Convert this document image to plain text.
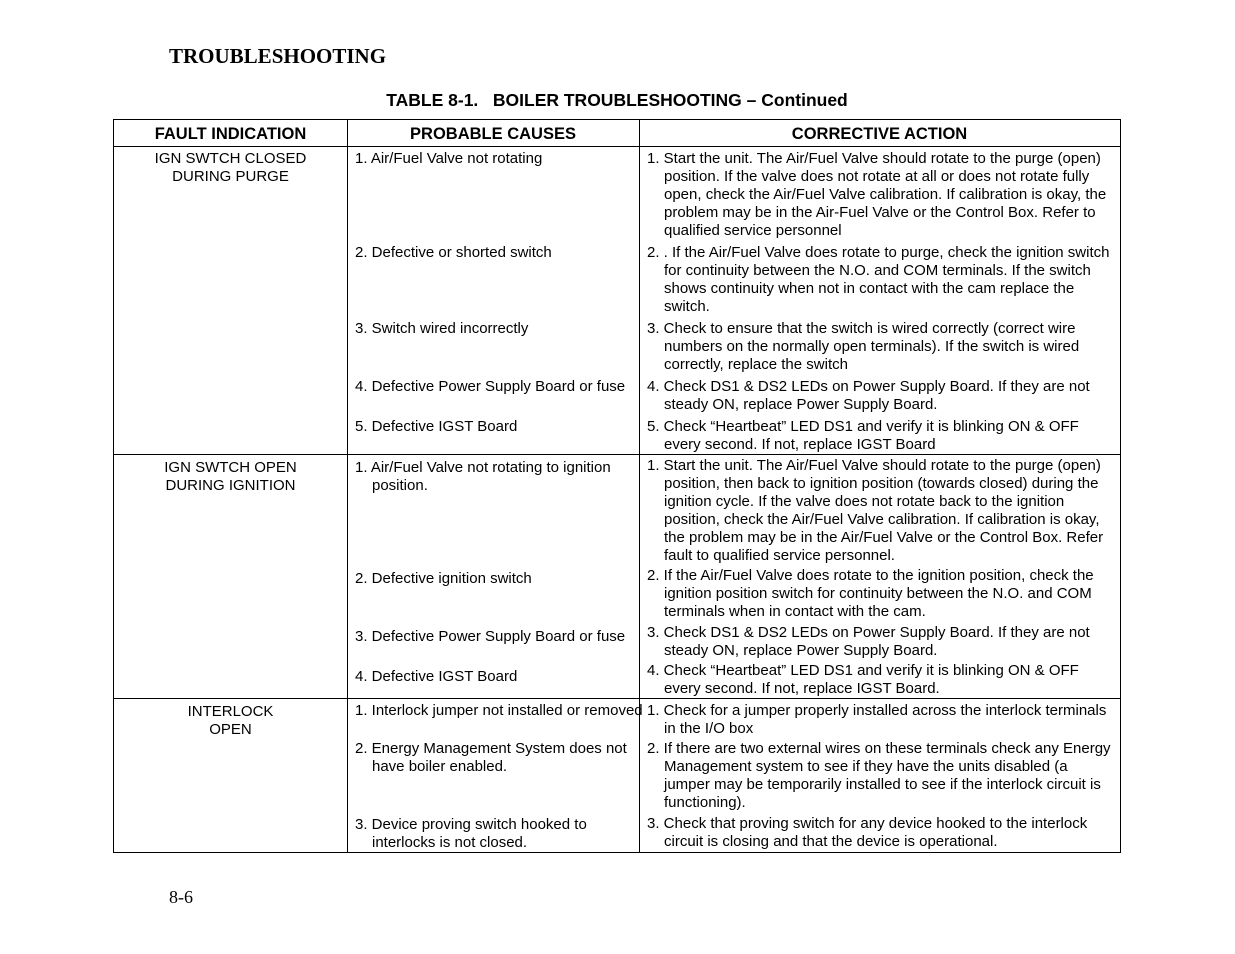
TROUBLESHOOTING
TABLE 8-1. BOILER TROUBLESHOOTING – Continued
FAULT INDICATION	PROBABLE CAUSES	CORRECTIVE ACTION
IGN SWTCH CLOSED
DURING PURGE
1. Air/Fuel Valve not rotating
2. Defective or shorted switch
3. Switch wired incorrectly
4. Defective Power Supply Board or fuse
5. Defective IGST Board
1. Start the unit. The Air/Fuel Valve should rotate to the purge (open) position. If the valve does not rotate at all or does not rotate fully open, check the Air/Fuel Valve calibration. If calibration is okay, the problem may be in the Air-Fuel Valve or the Control Box. Refer to qualified service personnel
2. . If the Air/Fuel Valve does rotate to purge, check the ignition switch for continuity between the N.O. and COM terminals. If the switch shows continuity when not in contact with the cam replace the switch.
3. Check to ensure that the switch is wired correctly (correct wire numbers on the normally open terminals). If the switch is wired correctly, replace the switch
4. Check DS1 & DS2 LEDs on Power Supply Board. If they are not steady ON, replace Power Supply Board.
5. Check “Heartbeat” LED DS1 and verify it is blinking ON & OFF every second. If not, replace IGST Board
IGN SWTCH OPEN
DURING IGNITION
1. Air/Fuel Valve not rotating to ignition position.
2. Defective ignition switch
3. Defective Power Supply Board or fuse
4. Defective IGST Board
1. Start the unit. The Air/Fuel Valve should rotate to the purge (open) position, then back to ignition position (towards closed) during the ignition cycle. If the valve does not rotate back to the ignition position, check the Air/Fuel Valve calibration. If calibration is okay, the problem may be in the Air/Fuel Valve or the Control Box. Refer fault to qualified service personnel.
2. If the Air/Fuel Valve does rotate to the ignition position, check the ignition position switch for continuity between the N.O. and COM terminals when in contact with the cam.
3. Check DS1 & DS2 LEDs on Power Supply Board. If they are not steady ON, replace Power Supply Board.
4. Check “Heartbeat” LED DS1 and verify it is blinking ON & OFF every second. If not, replace IGST Board.
INTERLOCK
OPEN
1. Interlock jumper not installed or removed
2. Energy Management System does not have boiler enabled.
3. Device proving switch hooked to interlocks is not closed.
1. Check for a jumper properly installed across the interlock terminals in the I/O box
2. If there are two external wires on these terminals check any Energy Management system to see if they have the units disabled (a jumper may be temporarily installed to see if the interlock circuit is functioning).
3. Check that proving switch for any device hooked to the interlock circuit is closing and that the device is operational.
8-6
